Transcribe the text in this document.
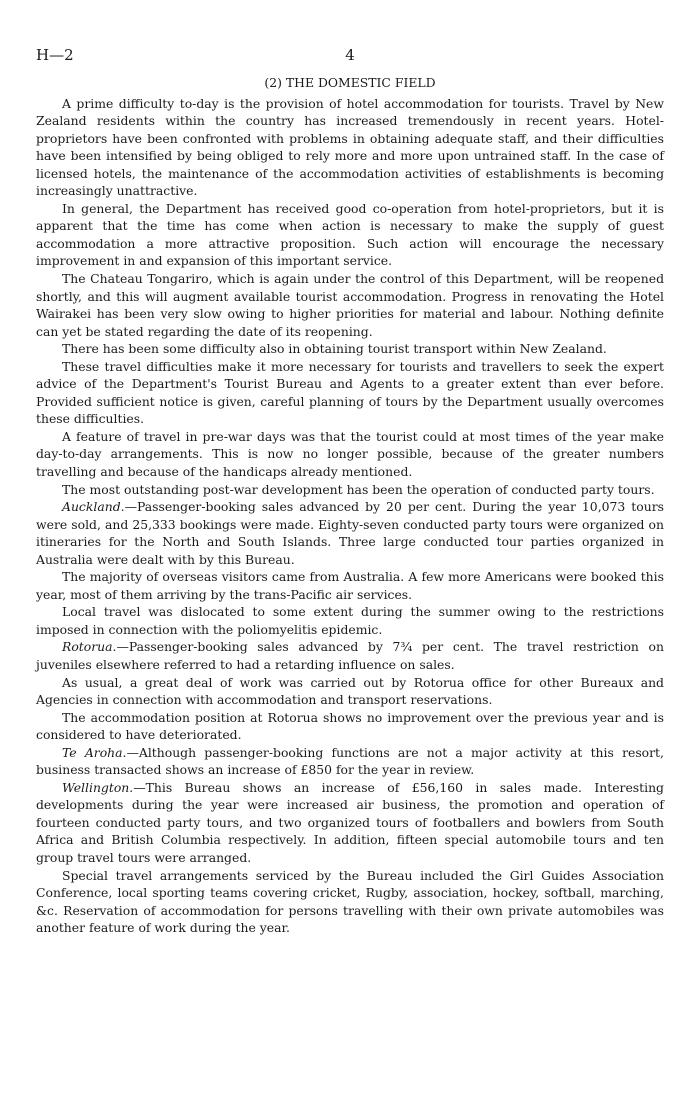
H—2	4
(2) THE DOMESTIC FIELD

A prime difficulty to-day is the provision of hotel accommodation for tourists. Travel by New Zealand residents within the country has increased tremendously in recent years. Hotel-proprietors have been confronted with problems in obtaining adequate staff, and their difficulties have been intensified by being obliged to rely more and more upon untrained staff. In the case of licensed hotels, the maintenance of the accommodation activities of establishments is becoming increasingly unattractive.

In general, the Department has received good co-operation from hotel-proprietors, but it is apparent that the time has come when action is necessary to make the supply of guest accommodation a more attractive proposition. Such action will encourage the necessary improvement in and expansion of this important service.

The Chateau Tongariro, which is again under the control of this Department, will be reopened shortly, and this will augment available tourist accommodation. Progress in renovating the Hotel Wairakei has been very slow owing to higher priorities for material and labour. Nothing definite can yet be stated regarding the date of its reopening.

There has been some difficulty also in obtaining tourist transport within New Zealand.

These travel difficulties make it more necessary for tourists and travellers to seek the expert advice of the Department's Tourist Bureau and Agents to a greater extent than ever before. Provided sufficient notice is given, careful planning of tours by the Department usually overcomes these difficulties.

A feature of travel in pre-war days was that the tourist could at most times of the year make day-to-day arrangements. This is now no longer possible, because of the greater numbers travelling and because of the handicaps already mentioned.

The most outstanding post-war development has been the operation of conducted party tours.

Auckland.—Passenger-booking sales advanced by 20 per cent. During the year 10,073 tours were sold, and 25,333 bookings were made. Eighty-seven conducted party tours were organized on itineraries for the North and South Islands. Three large conducted tour parties organized in Australia were dealt with by this Bureau.

The majority of overseas visitors came from Australia. A few more Americans were booked this year, most of them arriving by the trans-Pacific air services.

Local travel was dislocated to some extent during the summer owing to the restrictions imposed in connection with the poliomyelitis epidemic.

Rotorua.—Passenger-booking sales advanced by 7¾ per cent. The travel restriction on juveniles elsewhere referred to had a retarding influence on sales.

As usual, a great deal of work was carried out by Rotorua office for other Bureaux and Agencies in connection with accommodation and transport reservations.

The accommodation position at Rotorua shows no improvement over the previous year and is considered to have deteriorated.

Te Aroha.—Although passenger-booking functions are not a major activity at this resort, business transacted shows an increase of £850 for the year in review.

Wellington.—This Bureau shows an increase of £56,160 in sales made. Interesting developments during the year were increased air business, the promotion and operation of fourteen conducted party tours, and two organized tours of footballers and bowlers from South Africa and British Columbia respectively. In addition, fifteen special automobile tours and ten group travel tours were arranged.

Special travel arrangements serviced by the Bureau included the Girl Guides Association Conference, local sporting teams covering cricket, Rugby, association, hockey, softball, marching, &c. Reservation of accommodation for persons travelling with their own private automobiles was another feature of work during the year.
